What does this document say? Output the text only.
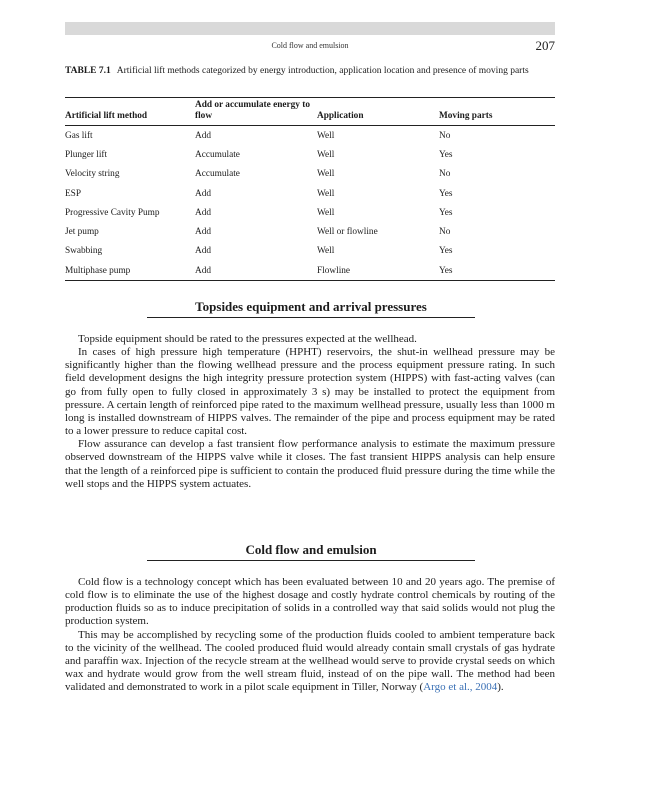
Cold flow and emulsion	207
TABLE 7.1 Artificial lift methods categorized by energy introduction, application location and presence of moving parts
Artificial lift method	Add or accumulate energy to flow	Application	Moving parts
Gas lift	Add	Well	No
Plunger lift	Accumulate	Well	Yes
Velocity string	Accumulate	Well	No
ESP	Add	Well	Yes
Progressive Cavity Pump	Add	Well	Yes
Jet pump	Add	Well or flowline	No
Swabbing	Add	Well	Yes
Multiphase pump	Add	Flowline	Yes
Topsides equipment and arrival pressures

Topside equipment should be rated to the pressures expected at the wellhead.

In cases of high pressure high temperature (HPHT) reservoirs, the shut-in wellhead pressure may be significantly higher than the flowing wellhead pressure and the process equipment pressure rating. In such field development designs the high integrity pressure protection system (HIPPS) with fast-acting valves (can go from fully open to fully closed in approximately 3 s) may be installed to protect the equipment from pressure. A certain length of reinforced pipe rated to the maximum wellhead pressure, usually less than 1000 m long is installed downstream of HIPPS valves. The remainder of the pipe and process equipment may be rated to a lower pressure to reduce capital cost.

Flow assurance can develop a fast transient flow performance analysis to estimate the maximum pressure observed downstream of the HIPPS valve while it closes. The fast transient HIPPS analysis can help ensure that the length of a reinforced pipe is sufficient to contain the produced fluid pressure during the time while the well stops and the HIPPS system actuates.

Cold flow and emulsion

Cold flow is a technology concept which has been evaluated between 10 and 20 years ago. The premise of cold flow is to eliminate the use of the highest dosage and costly hydrate control chemicals by routing of the production fluids so as to induce precipitation of solids in a controlled way that said solids would not plug the production system.

This may be accomplished by recycling some of the production fluids cooled to ambient temperature back to the vicinity of the wellhead. The cooled produced fluid would already contain small crystals of gas hydrate and paraffin wax. Injection of the recycle stream at the wellhead would serve to provide crystal seeds on which wax and hydrate would grow from the well stream fluid, instead of on the pipe wall. The method had been validated and demonstrated to work in a pilot scale equipment in Tiller, Norway (Argo et al., 2004).
